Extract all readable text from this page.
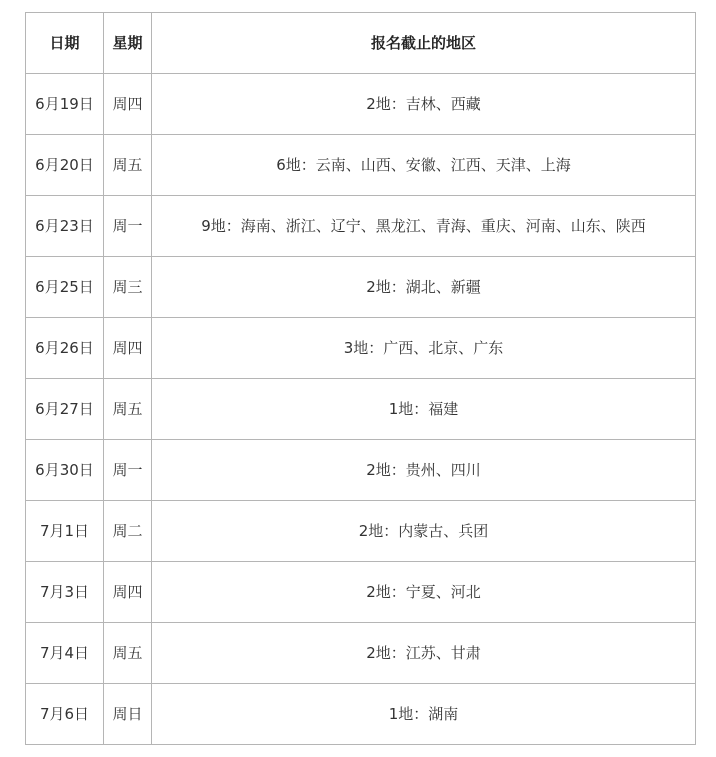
日期	星期	报名截止的地区
6月19日	周四	2地：吉林、西藏
6月20日	周五	6地：云南、山西、安徽、江西、天津、上海
6月23日	周一	9地：海南、浙江、辽宁、黑龙江、青海、重庆、河南、山东、陕西
6月25日	周三	2地：湖北、新疆
6月26日	周四	3地：广西、北京、广东
6月27日	周五	1地：福建
6月30日	周一	2地：贵州、四川
7月1日	周二	2地：内蒙古、兵团
7月3日	周四	2地：宁夏、河北
7月4日	周五	2地：江苏、甘肃
7月6日	周日	1地：湖南
